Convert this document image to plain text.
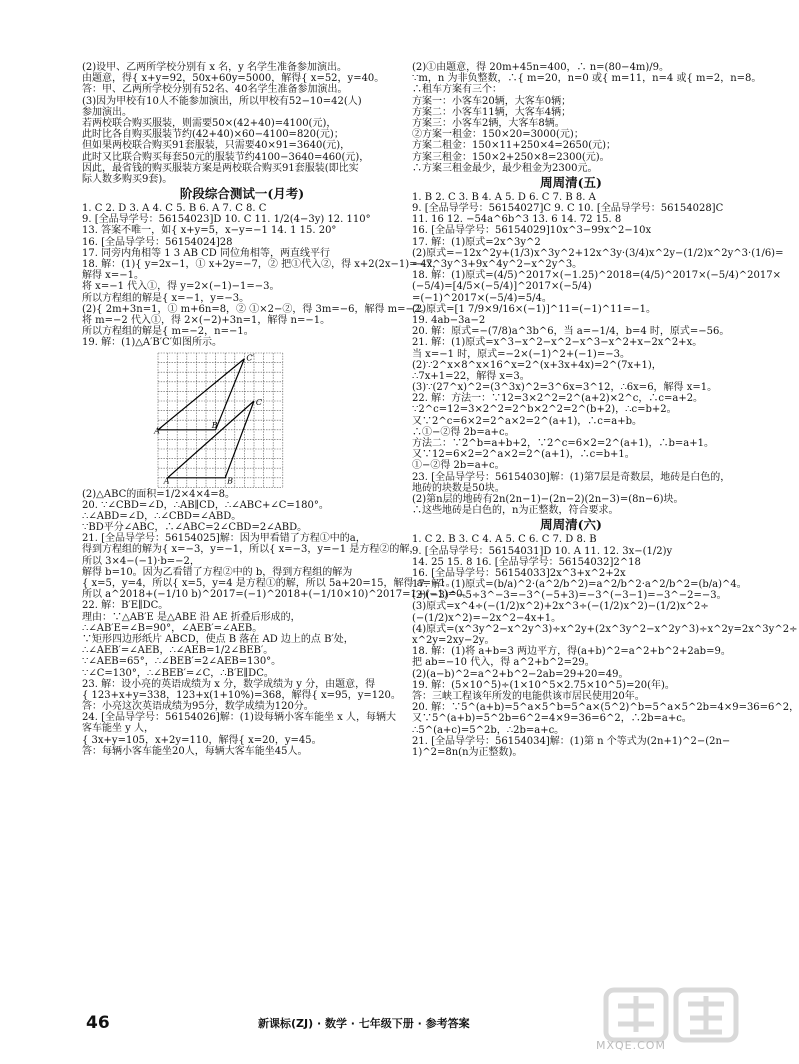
(2)设甲、乙两所学校分别有 x 名，y 名学生准备参加演出。

由题意，得{ x+y=92，50x+60y=5000，解得{ x=52，y=40。

答：甲、乙两所学校分别有52名、40名学生准备参加演出。

(3)因为甲校有10人不能参加演出，所以甲校有52−10=42(人)

参加演出。

若两校联合购买服装，则需要50×(42+40)=4100(元)，

此时比各自购买服装节约(42+40)×60−4100=820(元)；

但如果两校联合购买91套服装，只需要40×91=3640(元)，

此时又比联合购买每套50元的服装节约4100−3640=460(元)，

因此，最省钱的购买服装方案是两校联合购买91套服装(即比实

际人数多购买9套)。

阶段综合测试一(月考)

1. C 2. D 3. A 4. C 5. B 6. A 7. C 8. C

9. [全品导学号：56154023]D 10. C 11. 1/2(4−3y) 12. 110°

13. 答案不唯一，如{ x+y=5，x−y=−1 14. 1 15. 20°

16. [全品导学号：56154024]28

17. 同旁内角相等 1 3 AB CD 同位角相等，两直线平行

18. 解：(1){ y=2x−1，① x+2y=−7，② 把①代入②，得 x+2(2x−1)=−7，

解得 x=−1。

将 x=−1 代入①，得 y=2×(−1)−1=−3。

所以方程组的解是{ x=−1，y=−3。

(2){ 2m+3n=1，① m+6n=8，② ①×2−②，得 3m=−6，解得 m=−2。

将 m=−2 代入①，得 2×(−2)+3n=1，解得 n=−1。

所以方程组的解是{ m=−2，n=−1。

19. 解：(1)△A′B′C′如图所示。

C′
C
B′
A′
B
A

(2)△ABC的面积=1/2×4×4=8。

20. ∵∠CBD=∠D，∴AB∥CD，∴∠ABC+∠C=180°。

∴∠ABD=∠D，∴∠CBD=∠ABD。

∵BD平分∠ABC，∴∠ABC=2∠CBD=2∠ABD。

21. [全品导学号：56154025]解：因为甲看错了方程①中的a，

得到方程组的解为{ x=−3，y=−1，所以{ x=−3，y=−1 是方程②的解，

所以 3×4−(−1)·b=−2，

解得 b=10。因为乙看错了方程②中的 b，得到方程组的解为

{ x=5，y=4，所以{ x=5，y=4 是方程①的解，所以 5a+20=15，解得 a=−1。

所以 a^2018+(−1/10 b)^2017=(−1)^2018+(−1/10×10)^2017=1+(−1)=0。

22. 解：B′E∥DC。

理由：∵△AB′E 是△ABE 沿 AE 折叠后形成的，

∴∠AB′E=∠B=90°，∠AEB′=∠AEB。

∵矩形四边形纸片 ABCD，使点 B 落在 AD 边上的点 B′处，

∴∠AEB′=∠AEB，∴∠AEB=1/2∠BEB′。

∵∠AEB=65°，∴∠BEB′=2∠AEB=130°。

∵∠C=130°，∴∠BEB′=∠C，∴B′E∥DC。

23. 解：设小亮的英语成绩为 x 分，数学成绩为 y 分，由题意，得

{ 123+x+y=338，123+x(1+10%)=368，解得{ x=95，y=120。

答：小亮这次英语成绩为95分，数学成绩为120分。

24. [全品导学号：56154026]解：(1)设每辆小客车能坐 x 人，每辆大

客车能坐 y 人，

{ 3x+y=105，x+2y=110，解得{ x=20，y=45。

答：每辆小客车能坐20人，每辆大客车能坐45人。

(2)①由题意，得 20m+45n=400，∴ n=(80−4m)/9。

∵m，n 为非负整数，∴{ m=20，n=0 或{ m=11，n=4 或{ m=2，n=8。

∴租车方案有三个：

方案一：小客车20辆，大客车0辆；

方案二：小客车11辆，大客车4辆；

方案三：小客车2辆，大客车8辆。

②方案一租金：150×20=3000(元)；

方案二租金：150×11+250×4=2650(元)；

方案三租金：150×2+250×8=2300(元)。

∴方案三租金最少，最少租金为2300元。

周周清(五)

1. B 2. C 3. B 4. A 5. D 6. C 7. B 8. A

9. [全品导学号：56154027]C 9. C 10. [全品导学号：56154028]C

11. 16 12. −54a^6b^3 13. 6 14. 72 15. 8

16. [全品导学号：56154029]10x^3−99x^2−10x

17. 解：(1)原式=2x^3y^2

(2)原式=−12x^2y+(1/3)x^3y^2+12x^3y·(3/4)x^2y−(1/2)x^2y^3·(1/6)=

−4x^3y^3+9x^4y^2−x^2y^3。

18. 解：(1)原式=(4/5)^2017×(−1.25)^2018=(4/5)^2017×(−5/4)^2017×

(−5/4)=[4/5×(−5/4)]^2017×(−5/4)

=(−1)^2017×(−5/4)=5/4。

(2)原式=[1 7/9×9/16×(−1)]^11=(−1)^11=−1。

19. 4ab−3a−2

20. 解：原式=−(7/8)a^3b^6，当 a=−1/4，b=4 时，原式=−56。

21. 解：(1)原式=x^3−x^2−x^2−x^3−x^2+x−2x^2+x。

当 x=−1 时，原式=−2×(−1)^2+(−1)=−3。

(2)∵2^x×8^x×16^x=2^(x+3x+4x)=2^(7x+1)，

∴7x+1=22，解得 x=3。

(3)∵(27^x)^2=(3^3x)^2=3^6x=3^12，∴6x=6，解得 x=1。

22. 解：方法一：∵12=3×2^2=2^(a+2)×2^c，∴c=a+2。

∵2^c=12=3×2^2=2^b×2^2=2^(b+2)，∴c=b+2。

又∵2^c=6×2=2^a×2=2^(a+1)，∴c=a+b。

∴①−②得 2b=a+c。

方法二：∵2^b=a+b+2，∵2^c=6×2=2^(a+1)，∴b=a+1。

又∵12=6×2=2^a×2=2^(a+1)，∴c=b+1。

①−②得 2b=a+c。

23. [全品导学号：56154030]解：(1)第7层是奇数层，地砖是白色的，

地砖的块数是50块。

(2)第n层的地砖有2n(2n−1)−(2n−2)(2n−3)=(8n−6)块。

∴这些地砖是白色的，n为正整数，符合要求。

周周清(六)

1. C 2. B 3. C 4. A 5. C 6. C 7. D 8. B

9. [全品导学号：56154031]D 10. A 11. 12. 3x−(1/2)y

14. 25 15. 8 16. [全品导学号：56154032]2^18

16. [全品导学号：56154033]2x^3+x^2+2x

17. 解：(1)原式=(b/a)^2·(a^2/b^2)=a^2/b^2·a^2/b^2=(b/a)^4。

(2)(−3)^−5÷3^−3=−3^(−5+3)=−3^(−3−1)=−3^−2=−3。

(3)原式=x^4÷(−(1/2)x^2)+2x^3÷(−(1/2)x^2)−(1/2)x^2÷

(−(1/2)x^2)=−2x^2−4x+1。

(4)原式=(x^3y^2−x^2y^3)÷x^2y+(2x^3y^2−x^2y^3)÷x^2y=2x^3y^2÷

x^2y=2xy−2y。

18. 解：(1)将 a+b=3 两边平方，得(a+b)^2=a^2+b^2+2ab=9。

把 ab=−10 代入，得 a^2+b^2=29。

(2)(a−b)^2=a^2+b^2−2ab=29+20=49。

19. 解：(5×10^5)÷(1×10^5×2.75×10^5)=20(年)。

答：三峡工程该年所发的电能供该市居民使用20年。

20. 解：∵5^(a+b)=5^a×5^b=5^a×(5^2)^b=5^a×5^2b=4×9=36=6^2，

又∵5^(a+b)=5^2b=6^2=4×9=36=6^2，∴2b=a+c。

∴5^(a+c)=5^2b，∴2b=a+c。

21. [全品导学号：56154034]解：(1)第 n 个等式为(2n+1)^2−(2n−

1)^2=8n(n为正整数)。

46	新课标(ZJ) · 数学 · 七年级下册 · 参考答案
MXQE.COM
